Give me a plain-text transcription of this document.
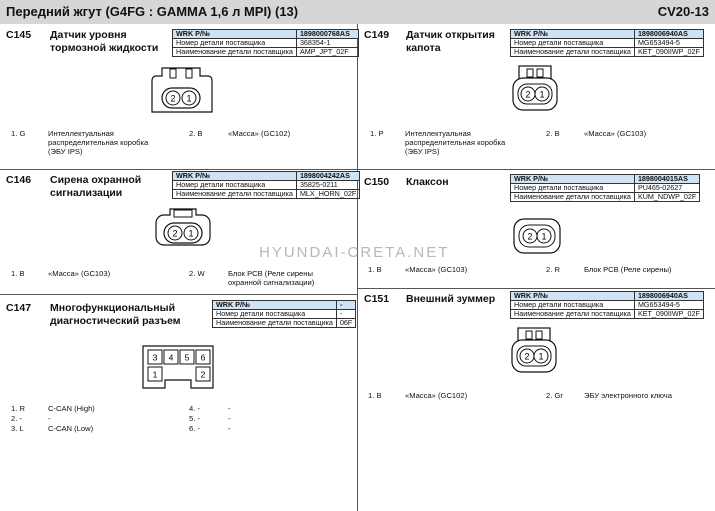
Передний жгут (G4FG : GAMMA 1,6 л MPI) (13)	CV20-13
HYUNDAI-CRETA.NET
C145 Датчик уровня
тормозной жидкости
WRK P/№	1898000768AS
Номер детали поставщика	368354-1
Наименование детали поставщика	AMP_JPT_02F
2 1
1. G	Интеллектуальная
распределительная коробка
(ЭБУ IPS)
2. B	«Масса» (GC102)
C146 Сирена охранной
сигнализации
WRK P/№	1898004242AS
Номер детали поставщика	35825-0211
Наименование детали поставщика	MLX_HORN_02F
2 1
1. B	«Масса» (GC103)	2. W	Блок PCB (Реле сирены
охранной сигнализации)
C147 Многофункциональный
диагностический разъем
WRK P/№	-
Номер детали поставщика	-
Наименование детали поставщика	06F
3 4 5 6
1	2
1. R	C-CAN (High)
2. -	-
3. L	C-CAN (Low)
4. -	-
5. -	-
6. -	-
C149 Датчик открытия
капота
WRK P/№	1898006940AS
Номер детали поставщика	MG653494-5
Наименование детали поставщика	KET_090IIWP_02F
2 1
1. P	Интеллектуальная
распределительная коробка
(ЭБУ IPS)
2. B	«Масса» (GC103)
C150 Клаксон	WRK P/№	1898004015AS
Номер детали поставщика	PU465-02627
Наименование детали поставщика	KUM_NDWP_02F
2 1
1. B	«Масса» (GC103)	2. R	Блок PCB (Реле сирены)
C151 Внешний зуммер	WRK P/№	1898006940AS
Номер детали поставщика	MG653494-5
Наименование детали поставщика	KET_090IIWP_02F
2 1
1. B	«Масса» (GC102)	2. Gr	ЭБУ электронного ключа
